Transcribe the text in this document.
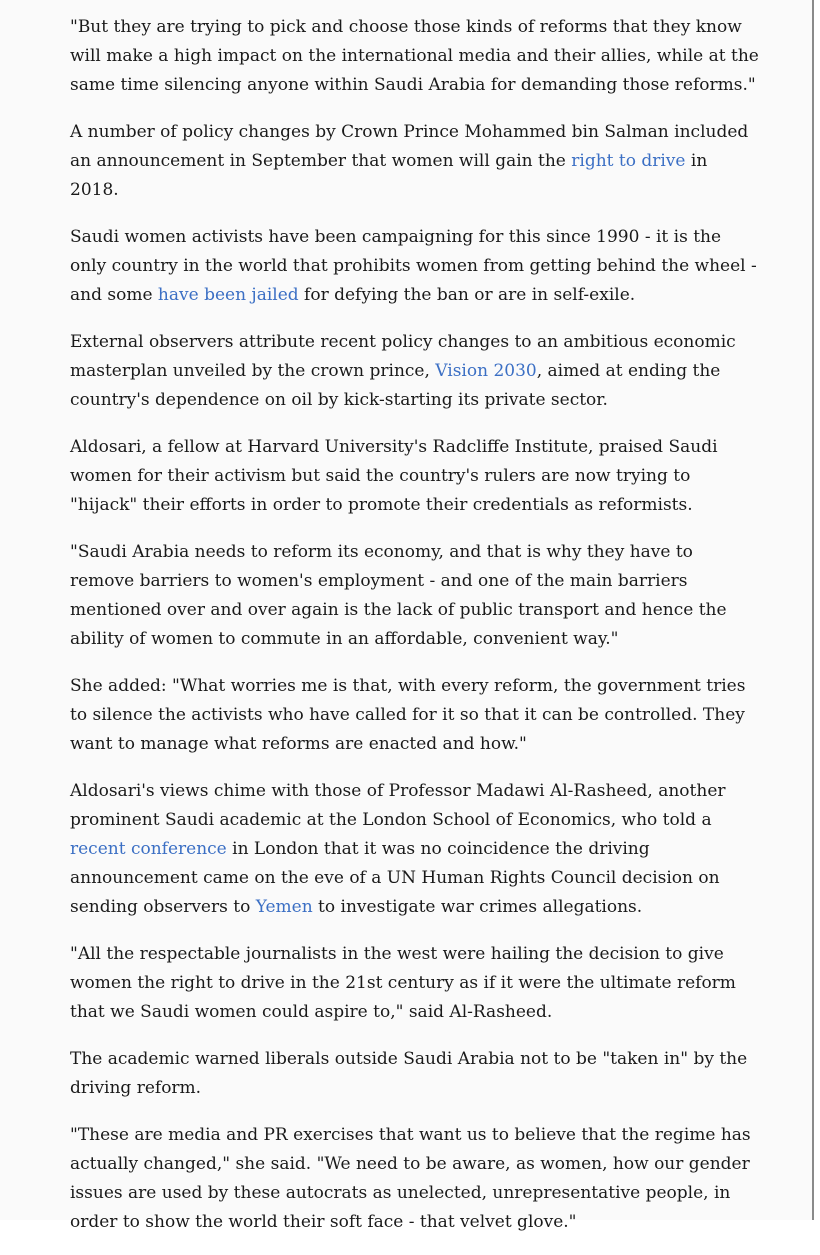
"But they are trying to pick and choose those kinds of reforms that they know will make a high impact on the international media and their allies, while at the same time silencing anyone within Saudi Arabia for demanding those reforms."

A number of policy changes by Crown Prince Mohammed bin Salman included an announcement in September that women will gain the right to drive in 2018.

Saudi women activists have been campaigning for this since 1990 - it is the only country in the world that prohibits women from getting behind the wheel - and some have been jailed for defying the ban or are in self-exile.

External observers attribute recent policy changes to an ambitious economic masterplan unveiled by the crown prince, Vision 2030, aimed at ending the country's dependence on oil by kick-starting its private sector.

Aldosari, a fellow at Harvard University's Radcliffe Institute, praised Saudi women for their activism but said the country's rulers are now trying to "hijack" their efforts in order to promote their credentials as reformists.

"Saudi Arabia needs to reform its economy, and that is why they have to remove barriers to women's employment - and one of the main barriers mentioned over and over again is the lack of public transport and hence the ability of women to commute in an affordable, convenient way."

She added: "What worries me is that, with every reform, the government tries to silence the activists who have called for it so that it can be controlled. They want to manage what reforms are enacted and how."

Aldosari's views chime with those of Professor Madawi Al-Rasheed, another prominent Saudi academic at the London School of Economics, who told a recent conference in London that it was no coincidence the driving announcement came on the eve of a UN Human Rights Council decision on sending observers to Yemen to investigate war crimes allegations.

"All the respectable journalists in the west were hailing the decision to give women the right to drive in the 21st century as if it were the ultimate reform that we Saudi women could aspire to," said Al-Rasheed.

The academic warned liberals outside Saudi Arabia not to be "taken in" by the driving reform.

"These are media and PR exercises that want us to believe that the regime has actually changed," she said. "We need to be aware, as women, how our gender issues are used by these autocrats as unelected, unrepresentative people, in order to show the world their soft face - that velvet glove."
